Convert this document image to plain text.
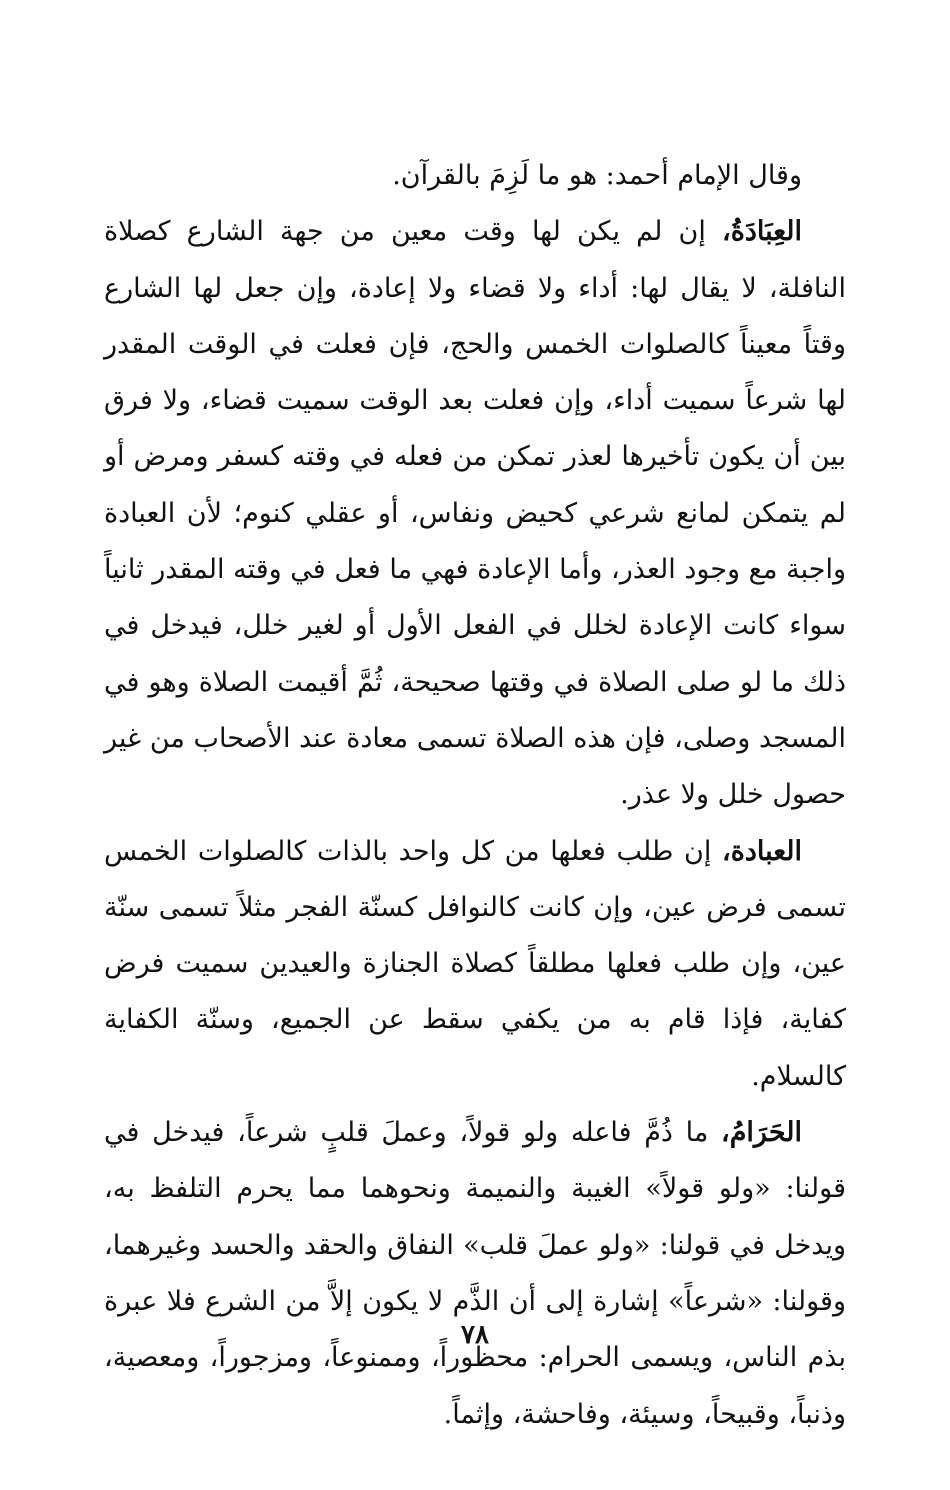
وقال الإمام أحمد: هو ما لَزِمَ بالقرآن.

العِبَادَةُ، إن لم يكن لها وقت معين من جهة الشارع كصلاة النافلة، لا يقال لها: أداء ولا قضاء ولا إعادة، وإن جعل لها الشارع وقتاً معيناً كالصلوات الخمس والحج، فإن فعلت في الوقت المقدر لها شرعاً سميت أداء، وإن فعلت بعد الوقت سميت قضاء، ولا فرق بين أن يكون تأخيرها لعذر تمكن من فعله في وقته كسفر ومرض أو لم يتمكن لمانع شرعي كحيض ونفاس، أو عقلي كنوم؛ لأن العبادة واجبة مع وجود العذر، وأما الإعادة فهي ما فعل في وقته المقدر ثانياً سواء كانت الإعادة لخلل في الفعل الأول أو لغير خلل، فيدخل في ذلك ما لو صلى الصلاة في وقتها صحيحة، ثُمَّ أقيمت الصلاة وهو في المسجد وصلى، فإن هذه الصلاة تسمى معادة عند الأصحاب من غير حصول خلل ولا عذر.

العبادة، إن طلب فعلها من كل واحد بالذات كالصلوات الخمس تسمى فرض عين، وإن كانت كالنوافل كسنّة الفجر مثلاً تسمى سنّة عين، وإن طلب فعلها مطلقاً كصلاة الجنازة والعيدين سميت فرض كفاية، فإذا قام به من يكفي سقط عن الجميع، وسنّة الكفاية كالسلام.

الحَرَامُ، ما ذُمَّ فاعله ولو قولاً، وعملَ قلبٍ شرعاً، فيدخل في قولنا: «ولو قولاً» الغيبة والنميمة ونحوهما مما يحرم التلفظ به، ويدخل في قولنا: «ولو عملَ قلب» النفاق والحقد والحسد وغيرهما، وقولنا: «شرعاً» إشارة إلى أن الذَّم لا يكون إلاَّ من الشرع فلا عبرة بذم الناس، ويسمى الحرام: محظوراً، وممنوعاً، ومزجوراً، ومعصية، وذنباً، وقبيحاً، وسيئة، وفاحشة، وإثماً.

٧٨
